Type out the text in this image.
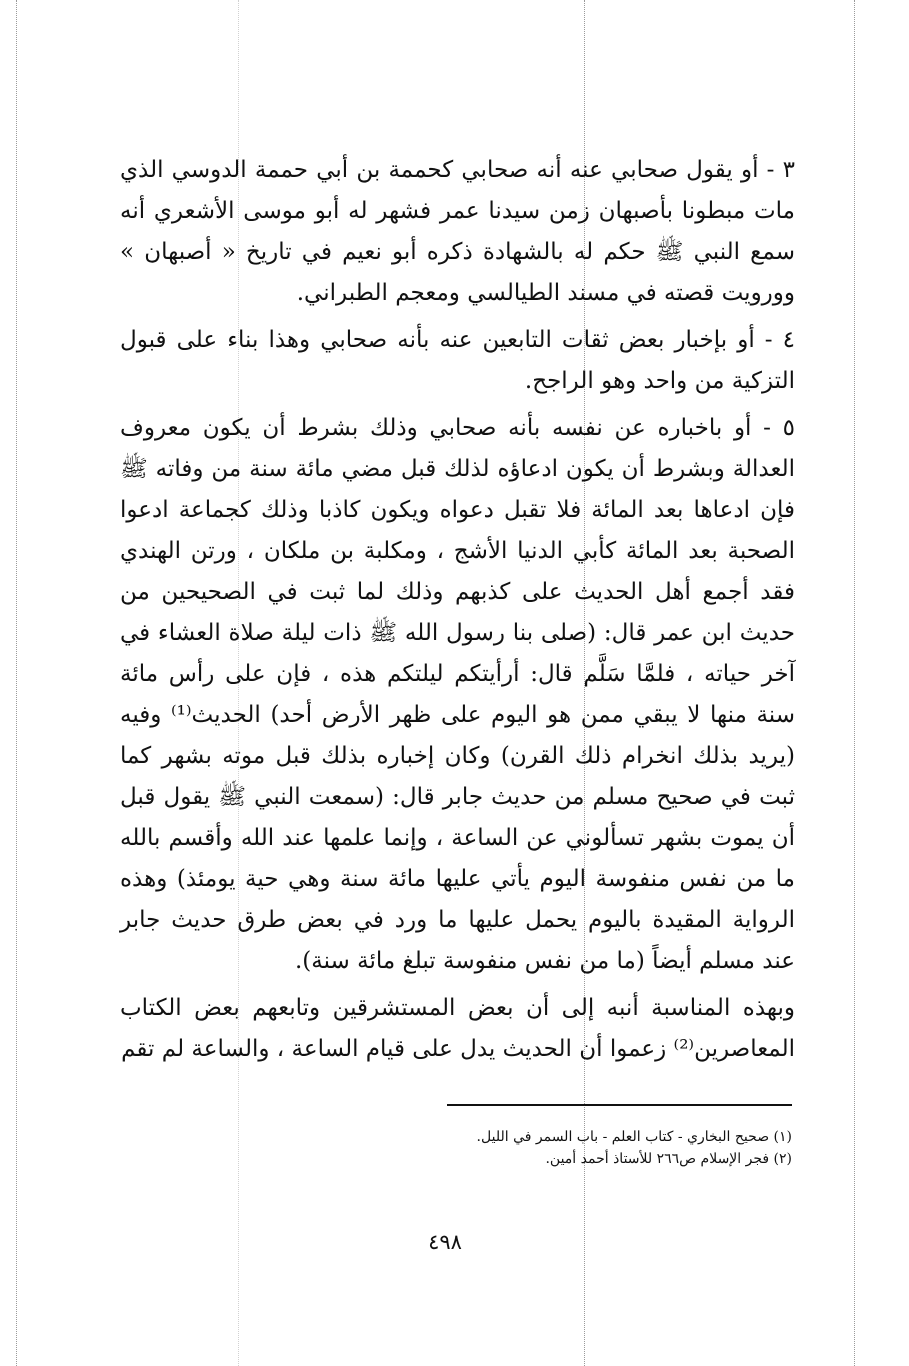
٣ - أو يقول صحابي عنه أنه صحابي كحممة بن أبي حممة الدوسي الذي مات مبطونا بأصبهان زمن سيدنا عمر فشهر له أبو موسى الأشعري أنه سمع النبي ﷺ حكم له بالشهادة ذكره أبو نعيم في تاريخ « أصبهان » وورويت قصته في مسند الطيالسي ومعجم الطبراني.

٤ - أو بإخبار بعض ثقات التابعين عنه بأنه صحابي وهذا بناء على قبول التزكية من واحد وهو الراجح.

٥ - أو باخباره عن نفسه بأنه صحابي وذلك بشرط أن يكون معروف العدالة وبشرط أن يكون ادعاؤه لذلك قبل مضي مائة سنة من وفاته ﷺ فإن ادعاها بعد المائة فلا تقبل دعواه ويكون كاذبا وذلك كجماعة ادعوا الصحبة بعد المائة كأبي الدنيا الأشج ، ومكلبة بن ملكان ، ورتن الهندي فقد أجمع أهل الحديث على كذبهم وذلك لما ثبت في الصحيحين من حديث ابن عمر قال: (صلى بنا رسول الله ﷺ ذات ليلة صلاة العشاء في آخر حياته ، فلمَّا سَلَّم قال: أرأيتكم ليلتكم هذه ، فإن على رأس مائة سنة منها لا يبقي ممن هو اليوم على ظهر الأرض أحد) الحديث⁽¹⁾ وفيه (يريد بذلك انخرام ذلك القرن) وكان إخباره بذلك قبل موته بشهر كما ثبت في صحيح مسلم من حديث جابر قال: (سمعت النبي ﷺ يقول قبل أن يموت بشهر تسألوني عن الساعة ، وإنما علمها عند الله وأقسم بالله ما من نفس منفوسة اليوم يأتي عليها مائة سنة وهي حية يومئذ) وهذه الرواية المقيدة باليوم يحمل عليها ما ورد في بعض طرق حديث جابر عند مسلم أيضاً (ما من نفس منفوسة تبلغ مائة سنة).

وبهذه المناسبة أنبه إلى أن بعض المستشرقين وتابعهم بعض الكتاب المعاصرين⁽²⁾ زعموا أن الحديث يدل على قيام الساعة ، والساعة لم تقم

(١) صحيح البخاري - كتاب العلم - باب السمر في الليل.

(٢) فجر الإسلام ص٢٦٦ للأستاذ أحمد أمين.

٤٩٨
